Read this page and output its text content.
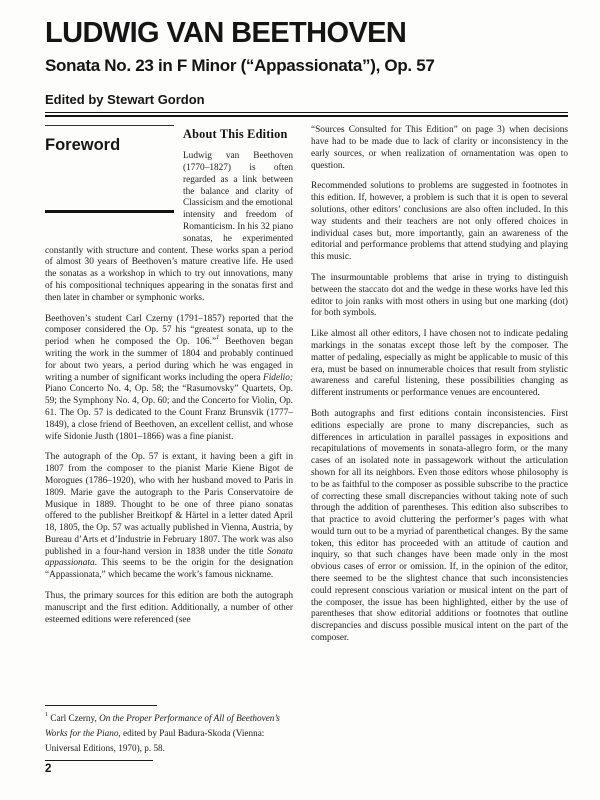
LUDWIG VAN BEETHOVEN
Sonata No. 23 in F Minor (“Appassionata”), Op. 57
Edited by Stewart Gordon
Foreword
About This Edition

Ludwig van Beethoven (1770–1827) is often regarded as a link between the balance and clarity of Classicism and the emotional intensity and freedom of Romanticism. In his 32 piano sonatas, he experimented constantly with structure and content. These works span a period of almost 30 years of Beethoven’s mature creative life. He used the sonatas as a workshop in which to try out innovations, many of his compositional techniques appearing in the sonatas first and then later in chamber or symphonic works.

Beethoven’s student Carl Czerny (1791–1857) reported that the composer considered the Op. 57 his “greatest sonata, up to the period when he composed the Op. 106.”$^1$ Beethoven began writing the work in the summer of 1804 and probably continued for about two years, a period during which he was engaged in writing a number of significant works including the opera Fidelio; Piano Concerto No. 4, Op. 58; the “Rasumovsky” Quartets, Op. 59; the Symphony No. 4, Op. 60; and the Concerto for Violin, Op. 61. The Op. 57 is dedicated to the Count Franz Brunsvik (1777–1849), a close friend of Beethoven, an excellent cellist, and whose wife Sidonie Justh (1801–1866) was a fine pianist.

The autograph of the Op. 57 is extant, it having been a gift in 1807 from the composer to the pianist Marie Kiene Bigot de Morogues (1786–1920), who with her husband moved to Paris in 1809. Marie gave the autograph to the Paris Conservatoire de Musique in 1889. Thought to be one of three piano sonatas offered to the publisher Breitkopf & Härtel in a letter dated April 18, 1805, the Op. 57 was actually published in Vienna, Austria, by Bureau d’Arts et d’Industrie in February 1807. The work was also published in a four-hand version in 1838 under the title Sonata appassionata. This seems to be the origin for the designation “Appassionata,” which became the work’s famous nickname.

Thus, the primary sources for this edition are both the autograph manuscript and the first edition. Additionally, a number of other esteemed editions were referenced (see

$^1$ Carl Czerny, On the Proper Performance of All of Beethoven’s Works for the Piano, edited by Paul Badura-Skoda (Vienna:  Universal Editions, 1970), p. 58.

“Sources Consulted for This Edition” on page 3) when decisions have had to be made due to lack of clarity or inconsistency in the early sources, or when realization of ornamentation was open to question.

Recommended solutions to problems are suggested in footnotes in this edition. If, however, a problem is such that it is open to several solutions, other editors’ conclusions are also often included. In this way students and their teachers are not only offered choices in individual cases but, more importantly, gain an awareness of the editorial and performance problems that attend studying and playing this music.

The insurmountable problems that arise in trying to distinguish between the staccato dot and the wedge in these works have led this editor to join ranks with most others in using but one marking (dot) for both symbols.

Like almost all other editors, I have chosen not to indicate pedaling markings in the sonatas except those left by the composer. The matter of pedaling, especially as might be applicable to music of this era, must be based on innumerable choices that result from stylistic awareness and careful listening, these possibilities changing as different instruments or performance venues are encountered.

Both autographs and first editions contain inconsistencies. First editions especially are prone to many discrepancies, such as differences in articulation in parallel passages in expositions and recapitulations of movements in sonata-allegro form, or the many cases of an isolated note in passagework without the articulation shown for all its neighbors. Even those editors whose philosophy is to be as faithful to the composer as possible subscribe to the practice of correcting these small discrepancies without taking note of such through the addition of parentheses. This edition also subscribes to that practice to avoid cluttering the performer’s pages with what would turn out to be a myriad of parenthetical changes. By the same token, this editor has proceeded with an attitude of caution and inquiry, so that such changes have been made only in the most obvious cases of error or omission. If, in the opinion of the editor, there seemed to be the slightest chance that such inconsistencies could represent conscious variation or musical intent on the part of the composer, the issue has been highlighted, either by the use of parentheses that show editorial additions or footnotes that outline discrepancies and discuss possible musical intent on the part of the composer.

2
